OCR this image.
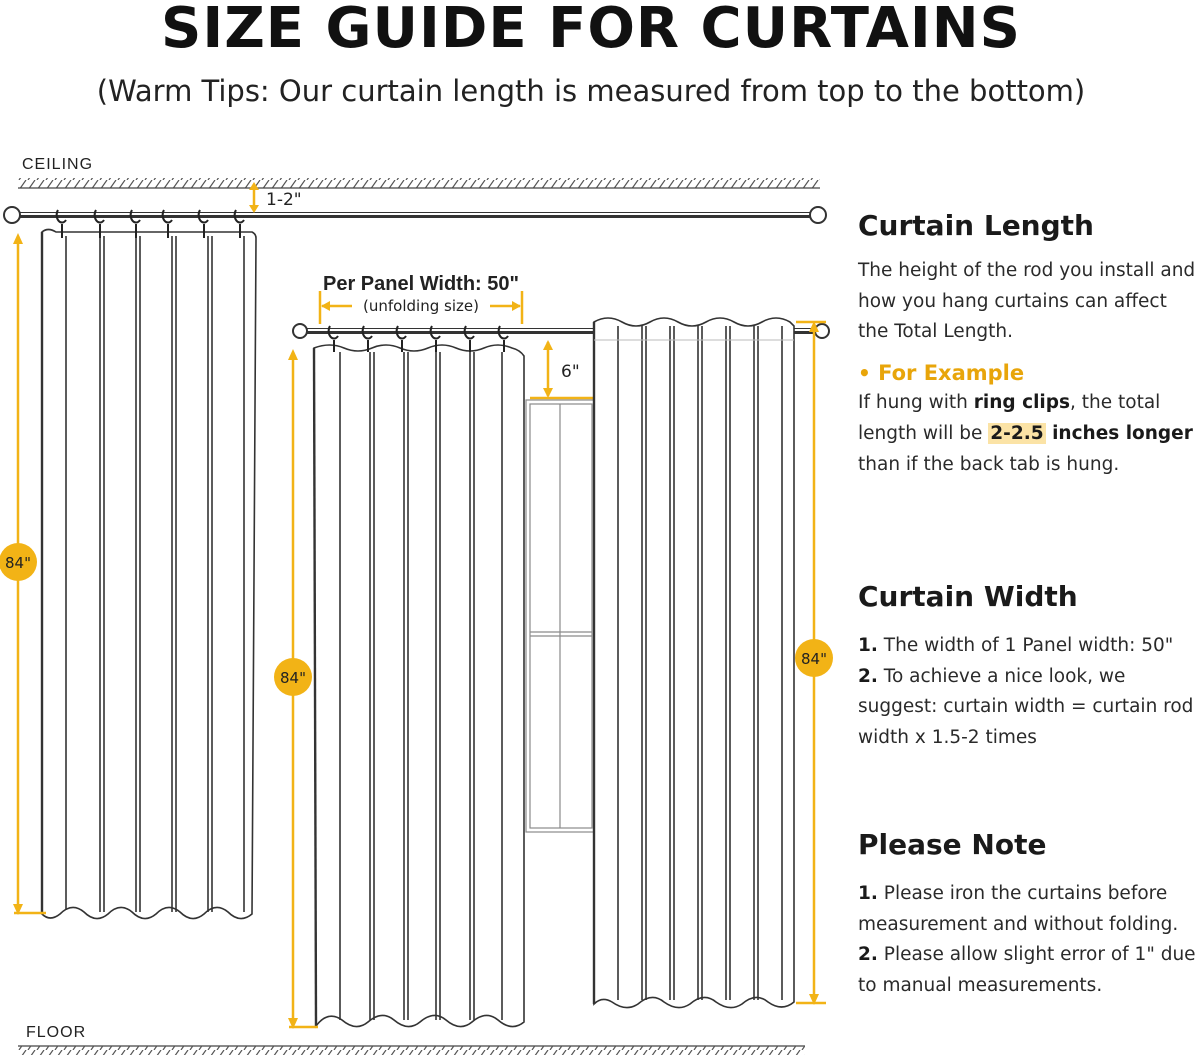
SIZE GUIDE FOR CURTAINS
(Warm Tips: Our curtain length is measured from top to the bottom)
CEILING
FLOOR
1-2"
84"
Per Panel Width: 50"
(unfolding size)
84"
6"
84"
Curtain Length
The height of the rod you install and how you hang curtains can affect the Total Length.
• For Example
If hung with ring clips, the total length will be 2-2.5 inches longer than if the back tab is hung.
Curtain Width
1. The width of 1 Panel width: 50"
2. To achieve a nice look, we suggest: curtain width = curtain rod width x 1.5-2 times
Please Note
1. Please iron the curtains before measurement and without folding.
2. Please allow slight error of 1" due to manual measurements.
